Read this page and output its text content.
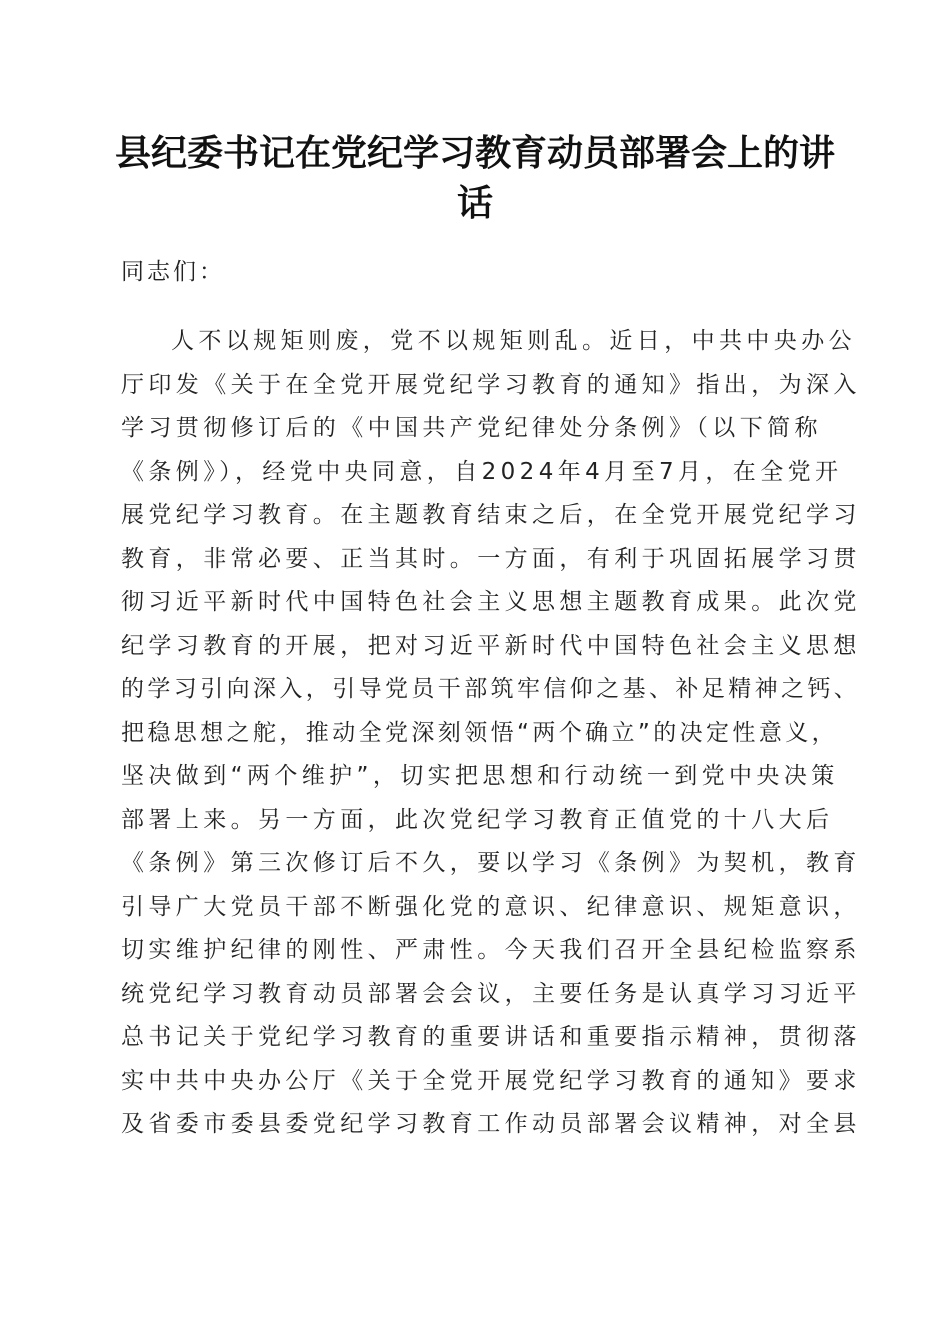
县纪委书记在党纪学习教育动员部署会上的讲
话
同志们：
人不以规矩则废，党不以规矩则乱。近日，中共中央办公
厅印发《关于在全党开展党纪学习教育的通知》指出，为深入
学习贯彻修订后的《中国共产党纪律处分条例》（以下简称
《条例》），经党中央同意，自2024年4月至7月，在全党开
展党纪学习教育。在主题教育结束之后，在全党开展党纪学习
教育，非常必要、正当其时。一方面，有利于巩固拓展学习贯
彻习近平新时代中国特色社会主义思想主题教育成果。此次党
纪学习教育的开展，把对习近平新时代中国特色社会主义思想
的学习引向深入，引导党员干部筑牢信仰之基、补足精神之钙、
把稳思想之舵，推动全党深刻领悟“两个确立”的决定性意义，
坚决做到“两个维护”，切实把思想和行动统一到党中央决策
部署上来。另一方面，此次党纪学习教育正值党的十八大后
《条例》第三次修订后不久，要以学习《条例》为契机，教育
引导广大党员干部不断强化党的意识、纪律意识、规矩意识，
切实维护纪律的刚性、严肃性。今天我们召开全县纪检监察系
统党纪学习教育动员部署会会议，主要任务是认真学习习近平
总书记关于党纪学习教育的重要讲话和重要指示精神，贯彻落
实中共中央办公厅《关于全党开展党纪学习教育的通知》要求
及省委市委县委党纪学习教育工作动员部署会议精神，对全县
